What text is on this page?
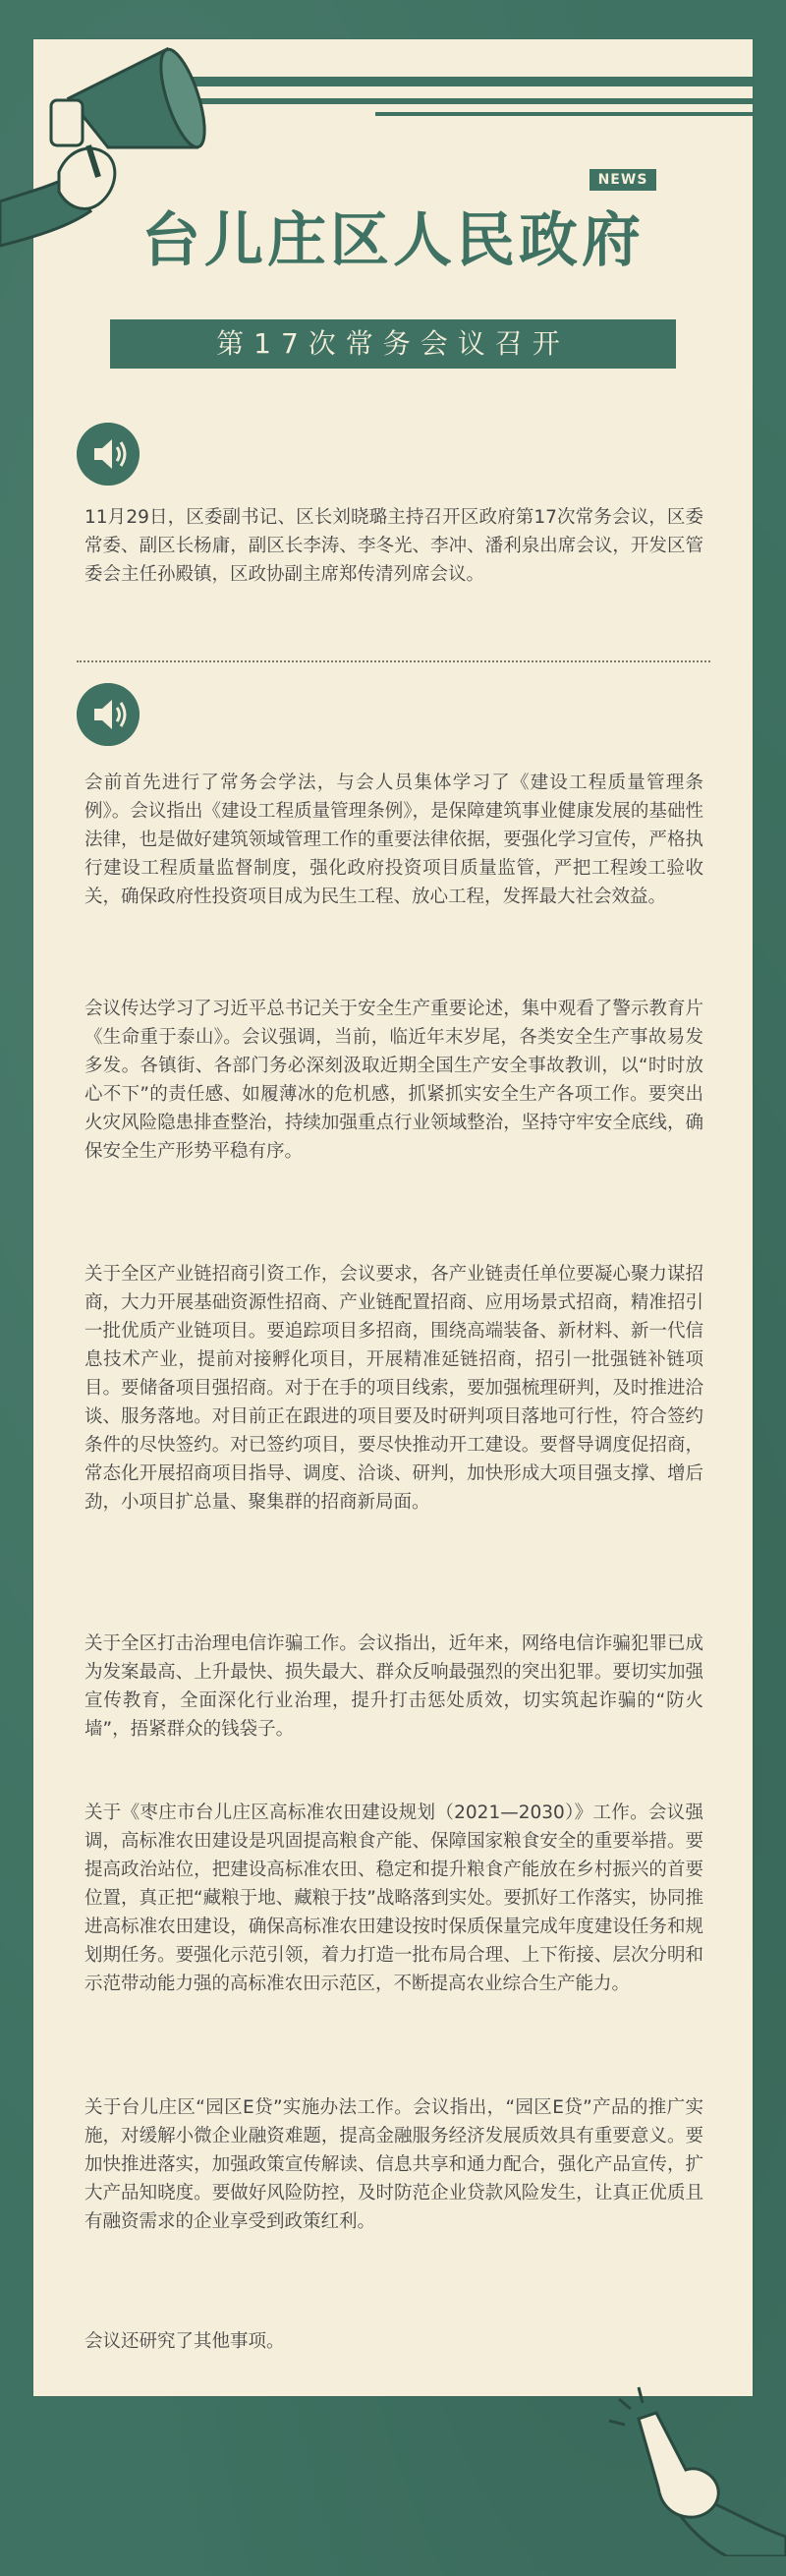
NEWS
台儿庄区人民政府
第17次常务会议召开

11月29日，区委副书记、区长刘晓璐主持召开区政府第17次常务会议，区委常委、副区长杨庸，副区长李涛、李冬光、李冲、潘利泉出席会议，开发区管委会主任孙殿镇，区政协副主席郑传清列席会议。

会前首先进行了常务会学法，与会人员集体学习了《建设工程质量管理条例》。会议指出《建设工程质量管理条例》，是保障建筑事业健康发展的基础性法律，也是做好建筑领域管理工作的重要法律依据，要强化学习宣传，严格执行建设工程质量监督制度，强化政府投资项目质量监管，严把工程竣工验收关，确保政府性投资项目成为民生工程、放心工程，发挥最大社会效益。

会议传达学习了习近平总书记关于安全生产重要论述，集中观看了警示教育片《生命重于泰山》。会议强调，当前，临近年末岁尾，各类安全生产事故易发多发。各镇街、各部门务必深刻汲取近期全国生产安全事故教训，以“时时放心不下”的责任感、如履薄冰的危机感，抓紧抓实安全生产各项工作。要突出火灾风险隐患排查整治，持续加强重点行业领域整治，坚持守牢安全底线，确保安全生产形势平稳有序。

关于全区产业链招商引资工作，会议要求，各产业链责任单位要凝心聚力谋招商，大力开展基础资源性招商、产业链配置招商、应用场景式招商，精准招引一批优质产业链项目。要追踪项目多招商，围绕高端装备、新材料、新一代信息技术产业，提前对接孵化项目，开展精准延链招商，招引一批强链补链项目。要储备项目强招商。对于在手的项目线索，要加强梳理研判，及时推进洽谈、服务落地。对目前正在跟进的项目要及时研判项目落地可行性，符合签约条件的尽快签约。对已签约项目，要尽快推动开工建设。要督导调度促招商，常态化开展招商项目指导、调度、洽谈、研判，加快形成大项目强支撑、增后劲，小项目扩总量、聚集群的招商新局面。

关于全区打击治理电信诈骗工作。会议指出，近年来，网络电信诈骗犯罪已成为发案最高、上升最快、损失最大、群众反响最强烈的突出犯罪。要切实加强宣传教育，全面深化行业治理，提升打击惩处质效，切实筑起诈骗的“防火墙”，捂紧群众的钱袋子。

关于《枣庄市台儿庄区高标准农田建设规划（2021—2030）》工作。会议强调，高标准农田建设是巩固提高粮食产能、保障国家粮食安全的重要举措。要提高政治站位，把建设高标准农田、稳定和提升粮食产能放在乡村振兴的首要位置，真正把“藏粮于地、藏粮于技”战略落到实处。要抓好工作落实，协同推进高标准农田建设，确保高标准农田建设按时保质保量完成年度建设任务和规划期任务。要强化示范引领，着力打造一批布局合理、上下衔接、层次分明和示范带动能力强的高标准农田示范区，不断提高农业综合生产能力。

关于台儿庄区“园区E贷”实施办法工作。会议指出，“园区E贷”产品的推广实施，对缓解小微企业融资难题，提高金融服务经济发展质效具有重要意义。要加快推进落实，加强政策宣传解读、信息共享和通力配合，强化产品宣传，扩大产品知晓度。要做好风险防控，及时防范企业贷款风险发生，让真正优质且有融资需求的企业享受到政策红利。

会议还研究了其他事项。
